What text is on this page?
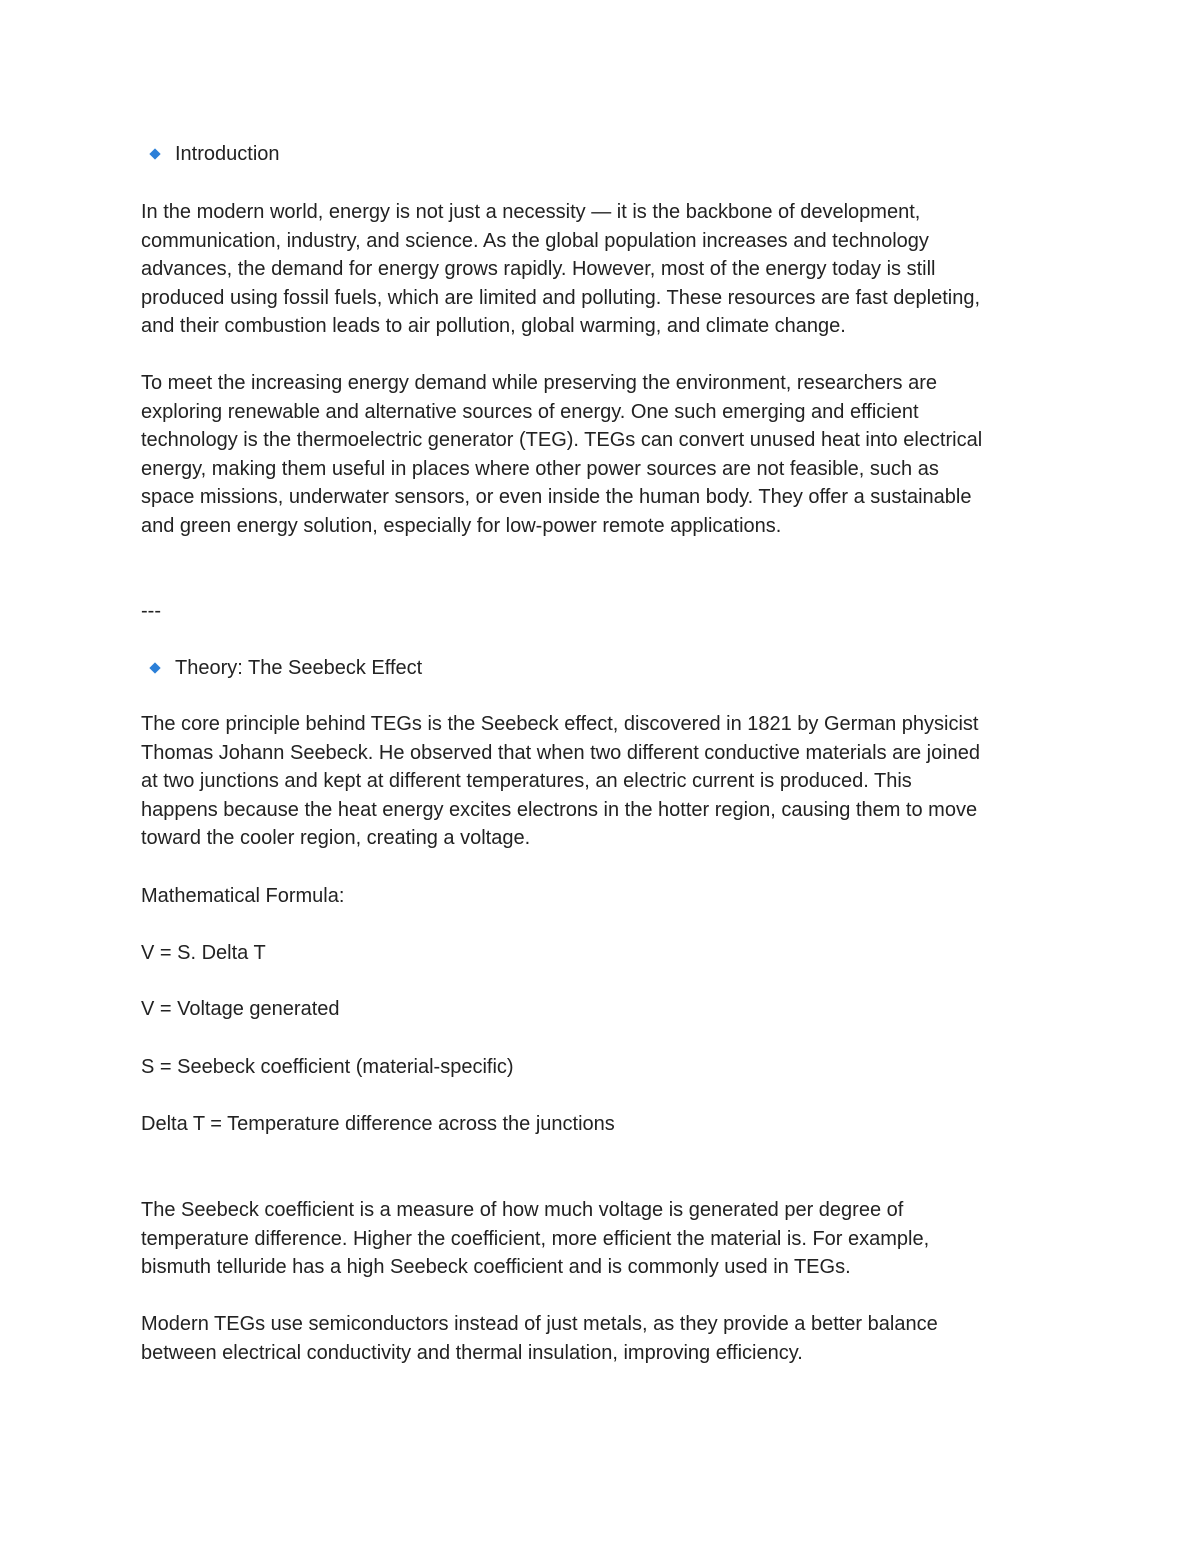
Introduction

In the modern world, energy is not just a necessity — it is the backbone of development,
communication, industry, and science. As the global population increases and technology
advances, the demand for energy grows rapidly. However, most of the energy today is still
produced using fossil fuels, which are limited and polluting. These resources are fast depleting,
and their combustion leads to air pollution, global warming, and climate change.

To meet the increasing energy demand while preserving the environment, researchers are
exploring renewable and alternative sources of energy. One such emerging and efficient
technology is the thermoelectric generator (TEG). TEGs can convert unused heat into electrical
energy, making them useful in places where other power sources are not feasible, such as
space missions, underwater sensors, or even inside the human body. They offer a sustainable
and green energy solution, especially for low-power remote applications.

---

Theory: The Seebeck Effect

The core principle behind TEGs is the Seebeck effect, discovered in 1821 by German physicist
Thomas Johann Seebeck. He observed that when two different conductive materials are joined
at two junctions and kept at different temperatures, an electric current is produced. This
happens because the heat energy excites electrons in the hotter region, causing them to move
toward the cooler region, creating a voltage.

Mathematical Formula:

V = S. Delta T

V = Voltage generated

S = Seebeck coefficient (material-specific)

Delta T = Temperature difference across the junctions

The Seebeck coefficient is a measure of how much voltage is generated per degree of
temperature difference. Higher the coefficient, more efficient the material is. For example,
bismuth telluride has a high Seebeck coefficient and is commonly used in TEGs.

Modern TEGs use semiconductors instead of just metals, as they provide a better balance
between electrical conductivity and thermal insulation, improving efficiency.
